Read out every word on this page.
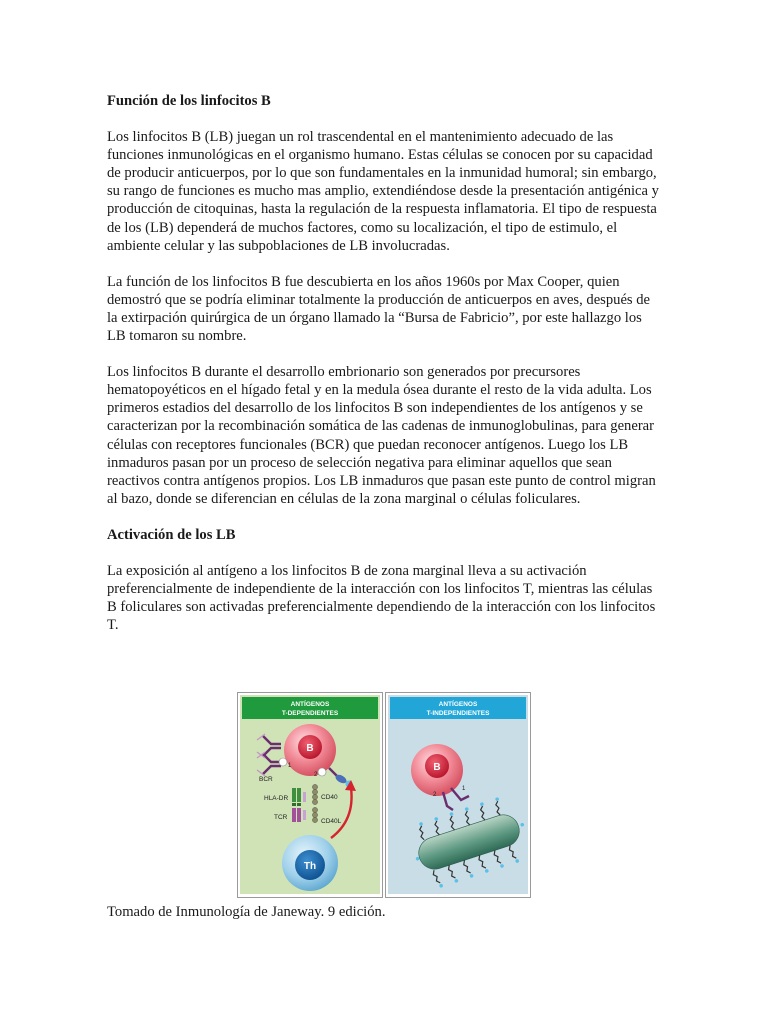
Función de los linfocitos B

Los linfocitos B (LB) juegan un rol trascendental en el mantenimiento adecuado de las funciones inmunológicas en el organismo humano. Estas células se conocen por su capacidad de producir anticuerpos, por lo que son fundamentales en la inmunidad humoral; sin embargo, su rango de funciones es mucho mas amplio, extendiéndose desde la presentación antigénica y producción de citoquinas, hasta la regulación de la respuesta inflamatoria. El tipo de respuesta de los (LB) dependerá de muchos factores, como su localización, el tipo de estimulo, el ambiente celular y las subpoblaciones de LB involucradas.

La función de los linfocitos B fue descubierta en los años 1960s por Max Cooper, quien demostró que se podría eliminar totalmente la producción de anticuerpos en aves, después de la extirpación quirúrgica de un órgano llamado la “Bursa de Fabricio”, por este hallazgo los LB tomaron su nombre.

Los linfocitos B durante el desarrollo embrionario son generados por precursores hematopoyéticos en el hígado fetal y en la medula ósea durante el resto de la vida adulta. Los primeros estadios del desarrollo de los linfocitos B son independientes de los antígenos y se caracterizan por la recombinación somática de las cadenas de inmunoglobulinas, para generar células con receptores funcionales (BCR) que puedan reconocer antígenos. Luego los LB inmaduros pasan por un proceso de selección negativa para eliminar aquellos que sean reactivos contra antígenos propios. Los LB inmaduros que pasan este punto de control migran al bazo, donde se diferencian en células de la zona marginal o células foliculares.

Activación de los LB

La exposición al antígeno a los linfocitos B de zona marginal lleva a su activación preferencialmente de independiente de la interacción con los linfocitos T, mientras las células B foliculares son activadas preferencialmente dependiendo de la interacción con los linfocitos T.

ANTÍGENOS
T-DEPENDIENTES
BCR
B
1
2
HLA-DR
TCR
CD40
CD40L
Th
ANTÍGENOS
T-INDEPENDIENTES
B
1
2
Tomado de Inmunología de Janeway. 9 edición.
